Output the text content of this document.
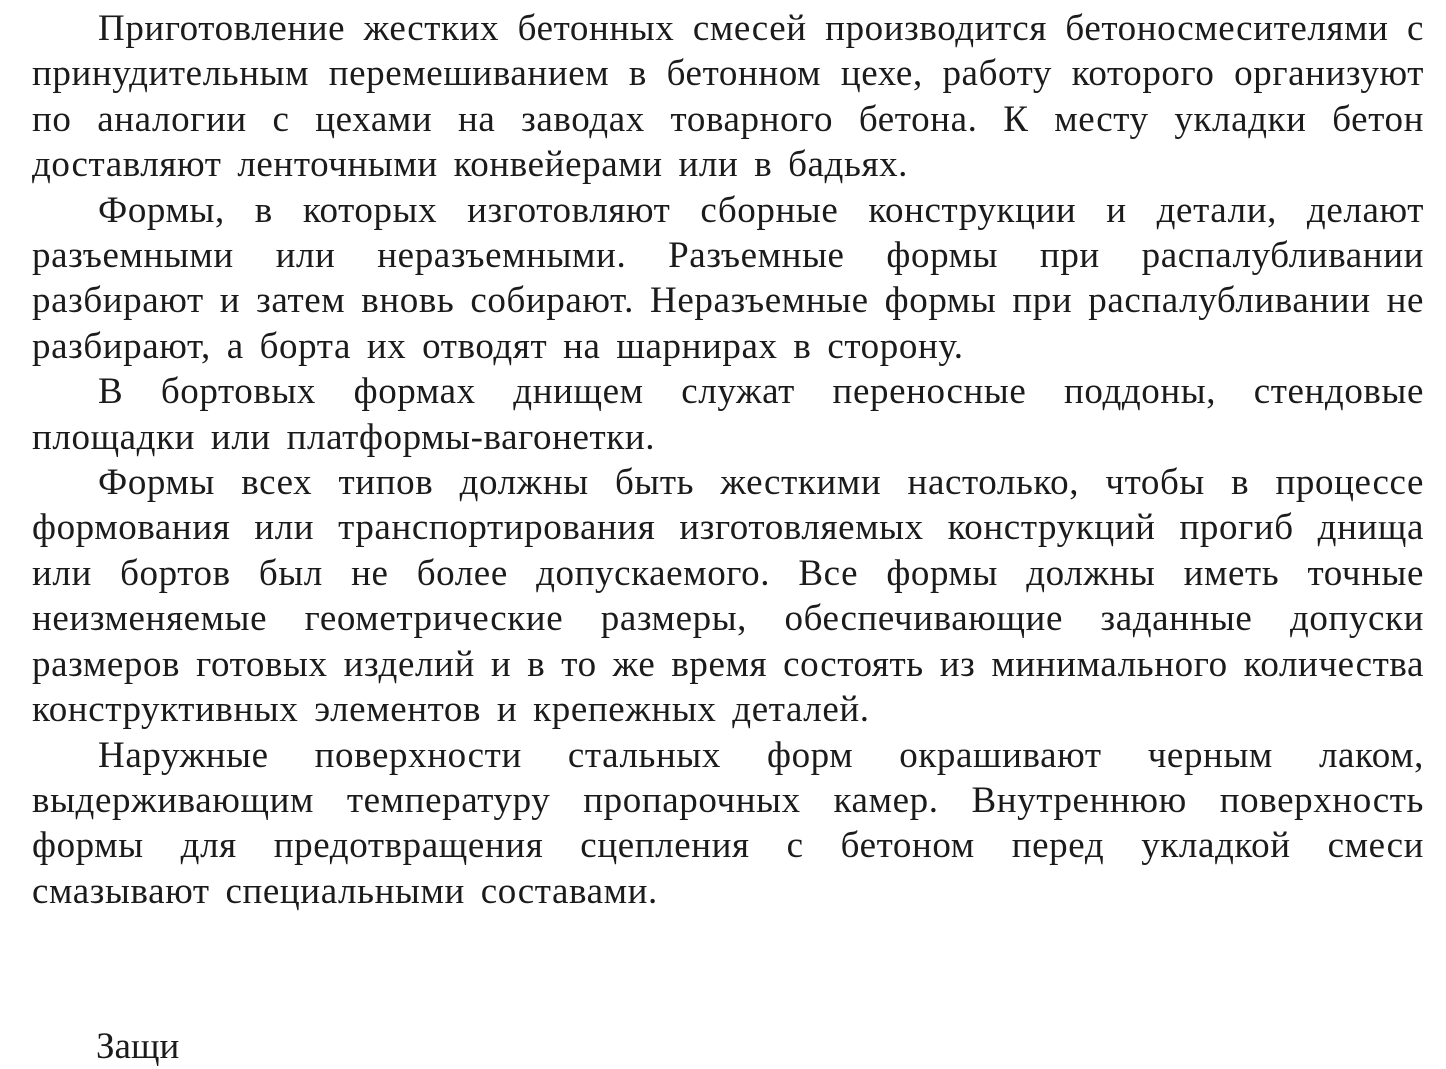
Приготовление жестких бетонных смесей производится бетоносмесителями с принудительным перемешиванием в бетонном цехе, работу которого организуют по аналогии с цехами на заводах товарного бетона. К месту укладки бетон доставляют ленточными конвейерами или в бадьях.

Формы, в которых изготовляют сборные конструкции и детали, делают разъемными или неразъемными. Разъемные формы при распалубливании разбирают и затем вновь собирают. Неразъемные формы при распалубливании не разбирают, а борта их отводят на шарнирах в сторону.

В бортовых формах днищем служат переносные поддоны, стендовые площадки или платформы-вагонетки.

Формы всех типов должны быть жесткими настолько, чтобы в процессе формования или транспортирования изготовляемых конструкций прогиб днища или бортов был не более допускаемого. Все формы должны иметь точные неизменяемые геометрические размеры, обеспечивающие заданные допуски размеров готовых изделий и в то же время состоять из минимального количества конструктивных элементов и крепежных деталей.

Наружные поверхности стальных форм окрашивают черным лаком, выдерживающим температуру пропарочных камер. Внутреннюю поверхность формы для предотвращения сцепления с бетоном перед укладкой смеси смазывают специальными составами.

Защи
